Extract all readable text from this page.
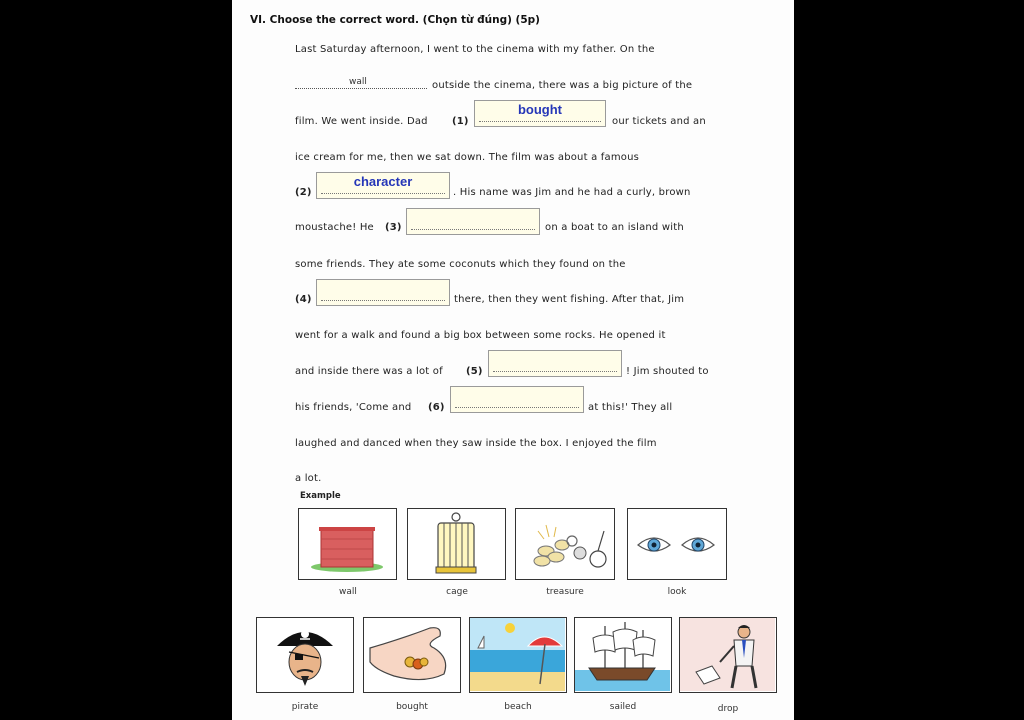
VI. Choose the correct word. (Chọn từ đúng) (5p)
Last Saturday afternoon, I went to the cinema with my father. On the
wall	outside the cinema, there was a big picture of the
film. We went inside. Dad (1)
bought
our tickets and an
ice cream for me, then we sat down. The film was about a famous
(2)
character
. His name was Jim and he had a curly, brown
moustache! He (3)	on a boat to an island with
some friends. They ate some coconuts which they found on the
(4)	there, then they went fishing. After that, Jim
went for a walk and found a big box between some rocks. He opened it
and inside there was a lot of (5)	! Jim shouted to
his friends, 'Come and (6)	at this!' They all
laughed and danced when they saw inside the box. I enjoyed the film
a lot.
Example
wall	cage	treasure	look
pirate	bought	beach	sailed	drop
